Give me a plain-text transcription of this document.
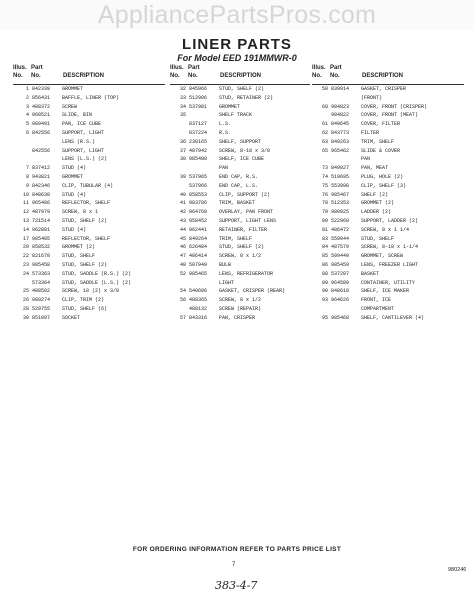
AppliancePartsPros.com
LINER PARTS
For Model EED 191MMWR-0
Illus.
No.
Part
No.	DESCRIPTION
1 842339	GROMMET
2 856431	BAFFLE, LINER (TOP)
3 488372	SCREW
4 960521	SLIDE, BIN
5 989491	PAN, ICE CUBE
6 842556	SUPPORT, LIGHT
LENS (R.S.)
842556	SUPPORT, LIGHT
LENS (L.S.) (2)
7 837412	STUD (4)
8 943821	GROMMET
9 842346	CLIP, TUBULAR (4)
10 848630	STUD (4)
11 965486	REFLECTOR, SHELF
12 487979	SCREW, 8 x 1
13 721514	STUD, SHELF (2)
14 962881	STUD (4)
17 985485	REFLECTOR, SHELF
20 858532	GROMMET (2)
22 821678	STUD, SHELF
23 985458	STUD, SHELF (2)
24 573363	STUD, SADDLE (R.S.) (2)
573364	STUD, SADDLE (L.S.) (2)
25 488502	SCREW, 10 (2) x 3/8
26 980274	CLIP, TRIM (2)
28 529755	STUD, SHELF (6)
30 851097	SOCKET
Illus.
No.
Part
No.	DESCRIPTION
32 845966	STUD, SHELF (2)
33 512906	STUD, RETAINER (2)
34 537981	GROMMET
35	SHELF TRACK
837127	L.S.
837224	R.S.
36 230165	SHELF, SUPPORT
37 487942	SCREW, 8-18 x 3/8
38 985480	SHELF, ICE CUBE
PAN
39 537965	END CAP, R.S.
537966	END CAP, L.S.
40 858553	CLIP, SUPPORT (2)
41 983786	TRIM, BASKET
42 964760	OVERLAY, PAN FRONT
43 958452	SUPPORT, LIGHT LENS
44 962441	RETAINER, FILTER
45 849264	TRIM, SHELF
46 626484	STUD, SHELF (2)
47 486414	SCREW, 8 x 1/2
48 507949	BULB
52 985465	LENS, REFRIGERATOR
LIGHT
54 540696	GASKET, CRISPER (REAR)
56 488365	SCREW, 8 x 1/2
488132	SCREW (REPAIR)
57 843316	PAN, CRISPER
Illus.
No.
Part
No.	DESCRIPTION
58 839914	GASKET, CRISPER
(FRONT)
60 984823	COVER, FRONT (CRISPER)
984822	COVER, FRONT (MEAT)
61 849645	COVER, FILTER
62 843773	FILTER
63 849263	TRIM, SHELF
65 965462	SLIDE & COVER
PAN
73 849027	PAN, MEAT
74 519695	PLUG, HOLE (2)
75 553998	CLIP, SHELF (3)
76 985467	SHELF (2)
78 512353	GROMMET (2)
79 980925	LADDER (2)
80 522960	SUPPORT, LADDER (2)
81 486472	SCREW, 8 x 1 1/4
83 559944	STUD, SHELF
84 487579	SCREW, 8-18 x 1-1/4
85 509449	GROMMET, SCREW
86 985459	LENS, FREEZER LIGHT
88 537287	BASKET
89 964589	CONTAINER, UTILITY
90 848618	SHELF, ICE MAKER
93 964626	FRONT, ICE
COMPARTMENT
95 985468	SHELF, CANTILEVER (4)
FOR ORDERING INFORMATION REFER TO PARTS PRICE LIST
7
980246
383-4-7
